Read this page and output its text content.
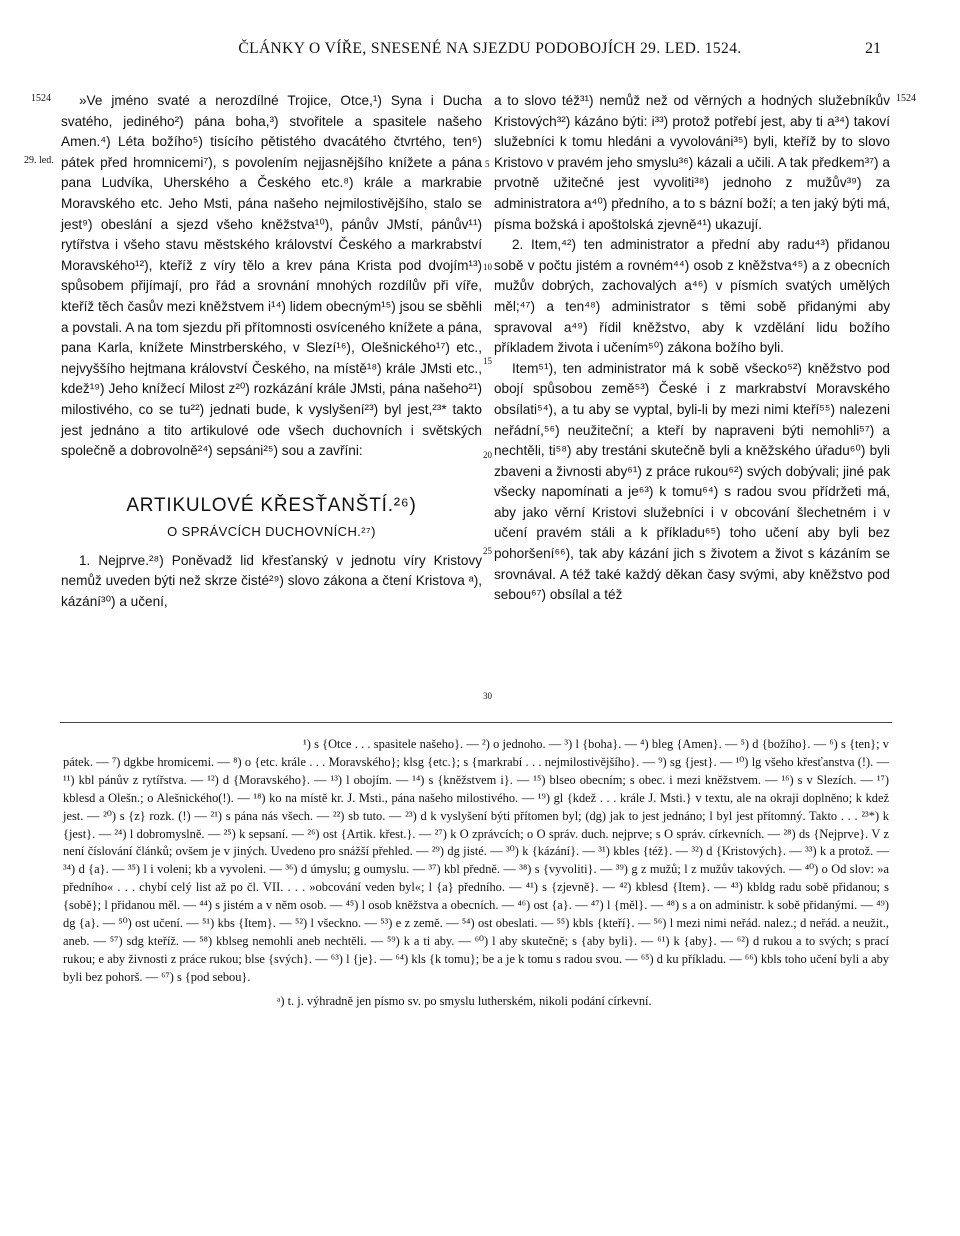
ČLÁNKY O VÍŘE, SNESENÉ NA SJEZDU PODOBOJÍCH 29. LED. 1524.	21
1524	1524
29. led.	5
10
15
20
25
30

»Ve jméno svaté a nerozdílné Trojice, Otce,¹) Syna i Ducha svatého, jediného²) pána boha,³) stvořitele a spasitele našeho Amen.⁴) Léta božího⁵) tisícího pětistého dvacátého čtvrtého, ten⁶) pátek před hromnicemi⁷), s povolením nejjasnějšího knížete a pána pana Ludvíka, Uherského a Českého etc.⁸) krále a markrabie Moravského etc. Jeho Msti, pána našeho nejmilostivějšího, stalo se jest⁹) obeslání a sjezd všeho kněžstva¹⁰), pánův JMstí, pánův¹¹) rytířstva i všeho stavu městského království Českého a markrabství Moravského¹²), kteříž z víry tělo a krev pána Krista pod dvojím¹³) spůsobem přijímají, pro řád a srovnání mnohých rozdílův při víře, kteříž těch časův mezi kněžstvem i¹⁴) lidem obecným¹⁵) jsou se sběhli a povstali. A na tom sjezdu při přítomnosti osvíceného knížete a pána, pana Karla, knížete Minstrberského, v Slezí¹⁶), Olešnického¹⁷) etc., nejvyššího hejtmana království Českého, na místě¹⁸) krále JMsti etc., kdež¹⁹) Jeho knížecí Milost z²⁰) rozkázání krále JMsti, pána našeho²¹) milostivého, co se tu²²) jednati bude, k vyslyšení²³) byl jest,²³* takto jest jednáno a tito artikulové ode všech duchovních i světských společně a dobrovolně²⁴) sepsáni²⁵) sou a zavříni:

ARTIKULOVÉ KŘESŤANŠTÍ.²⁶)
O SPRÁVCÍCH DUCHOVNÍCH.²⁷)

1. Nejprve.²⁸) Poněvadž lid křesťanský v jednotu víry Kristovy nemůž uveden býti než skrze čisté²⁹) slovo zákona a čtení Kristova ᵃ), kázání³⁰) a učení,

a to slovo též³¹) nemůž než od věrných a hodných služebníkův Kristových³²) kázáno býti: i³³) protož potřebí jest, aby ti a³⁴) takoví služebníci k tomu hledáni a vyvolováni³⁵) byli, kteříž by to slovo Kristovo v pravém jeho smyslu³⁶) kázali a učili. A tak předkem³⁷) a prvotně užitečné jest vyvoliti³⁸) jednoho z mužův³⁹) za administratora a⁴⁰) předního, a to s bázní boží; a ten jaký býti má, písma božská i apoštolská zjevně⁴¹) ukazují.

2. Item,⁴²) ten administrator a přední aby radu⁴³) přidanou sobě v počtu jistém a rovném⁴⁴) osob z kněžstva⁴⁵) a z obecních mužův dobrých, zachovalých a⁴⁶) v písmích svatých umělých měl;⁴⁷) a ten⁴⁸) administrator s těmi sobě přidanými aby spravoval a⁴⁹) řídil kněžstvo, aby k vzdělání lidu božího příkladem života i učením⁵⁰) zákona božího byli.

Item⁵¹), ten administrator má k sobě všecko⁵²) kněžstvo pod obojí spůsobou země⁵³) České i z markrabství Moravského obsílati⁵⁴), a tu aby se vyptal, byli-li by mezi nimi kteří⁵⁵) nalezeni neřádní,⁵⁶) neužiteční; a kteří by napraveni býti nemohli⁵⁷) a nechtěli, ti⁵⁸) aby trestáni skutečně byli a kněžského úřadu⁶⁰) byli zbaveni a živnosti aby⁶¹) z práce rukou⁶²) svých dobývali; jiné pak všecky napomínati a je⁶³) k tomu⁶⁴) s radou svou přídržeti má, aby jako věrní Kristovi služebníci i v obcování šlechetném i v učení pravém stáli a k příkladu⁶⁵) toho učení aby byli bez pohoršení⁶⁶), tak aby kázání jich s životem a život s kázáním se srovnával. A též také každý děkan časy svými, aby kněžstvo pod sebou⁶⁷) obsílal a též

¹) s {Otce . . . spasitele našeho}. — ²) o jednoho. — ³) l {boha}. — ⁴) bleg {Amen}. — ⁵) d {božího}. — ⁶) s {ten}; v pátek. — ⁷) dgkbe hromicemi. — ⁸) o {etc. krále . . . Moravského}; klsg {etc.}; s {markrabí . . . nejmilostivějšího}. — ⁹) sg {jest}. — ¹⁰) lg všeho křesťanstva (!). — ¹¹) kbl pánův z rytířstva. — ¹²) d {Moravského}. — ¹³) l obojím. — ¹⁴) s {kněžstvem i}. — ¹⁵) blseo obecním; s obec. i mezi kněžstvem. — ¹⁶) s v Slezích. — ¹⁷) kblesd a Olešn.; o Alešnického(!). — ¹⁸) ko na místě kr. J. Msti., pána našeho milostivého. — ¹⁹) gl {kdež . . . krále J. Msti.} v textu, ale na okraji doplněno; k kdež jest. — ²⁰) s {z} rozk. (!) — ²¹) s pána nás všech. — ²²) sb tuto. — ²³) d k vyslyšení býti přítomen byl; (dg) jak to jest jednáno; l byl jest přítomný. Takto . . . ²³*) k {jest}. — ²⁴) l dobromyslně. — ²⁵) k sepsaní. — ²⁶) ost {Artik. křest.}. — ²⁷) k O zprávcích; o O správ. duch. nejprve; s O správ. církevních. — ²⁸) ds {Nejprve}. V z není číslování článků; ovšem je v jiných. Uvedeno pro snážší přehled. — ²⁹) dg jisté. — ³⁰) k {kázání}. — ³¹) kbles {též}. — ³²) d {Kristových}. — ³³) k a protož. — ³⁴) d {a}. — ³⁵) l i voleni; kb a vyvoleni. — ³⁶) d úmyslu; g oumyslu. — ³⁷) kbl předně. — ³⁸) s {vyvoliti}. — ³⁹) g z mužů; l z mužův takových. — ⁴⁰) o Od slov: »a předního« . . . chybí celý list až po čl. VII. . . . »obcování veden byl«; l {a} předního. — ⁴¹) s {zjevně}. — ⁴²) kblesd {Item}. — ⁴³) kbldg radu sobě přidanou; s {sobě}; l přidanou měl. — ⁴⁴) s jistém a v něm osob. — ⁴⁵) l osob kněžstva a obecních. — ⁴⁶) ost {a}. — ⁴⁷) l {měl}. — ⁴⁸) s a on administr. k sobě přidanými. — ⁴⁹) dg {a}. — ⁵⁰) ost učení. — ⁵¹) kbs {Item}. — ⁵²) l všeckno. — ⁵³) e z země. — ⁵⁴) ost obeslati. — ⁵⁵) kbls {kteří}. — ⁵⁶) l mezi nimi neřád. nalez.; d neřád. a neužit., aneb. — ⁵⁷) sdg kteříž. — ⁵⁸) kblseg nemohli aneb nechtěli. — ⁵⁹) k a ti aby. — ⁶⁰) l aby skutečně; s {aby byli}. — ⁶¹) k {aby}. — ⁶²) d rukou a to svých; s prací rukou; e aby živnosti z práce rukou; blse {svých}. — ⁶³) l {je}. — ⁶⁴) kls {k tomu}; be a je k tomu s radou svou. — ⁶⁵) d ku příkladu. — ⁶⁶) kbls toho učení byli a aby byli bez pohorš. — ⁶⁷) s {pod sebou}.

ᵃ) t. j. výhradně jen písmo sv. po smyslu lutherském, nikoli podání církevní.
